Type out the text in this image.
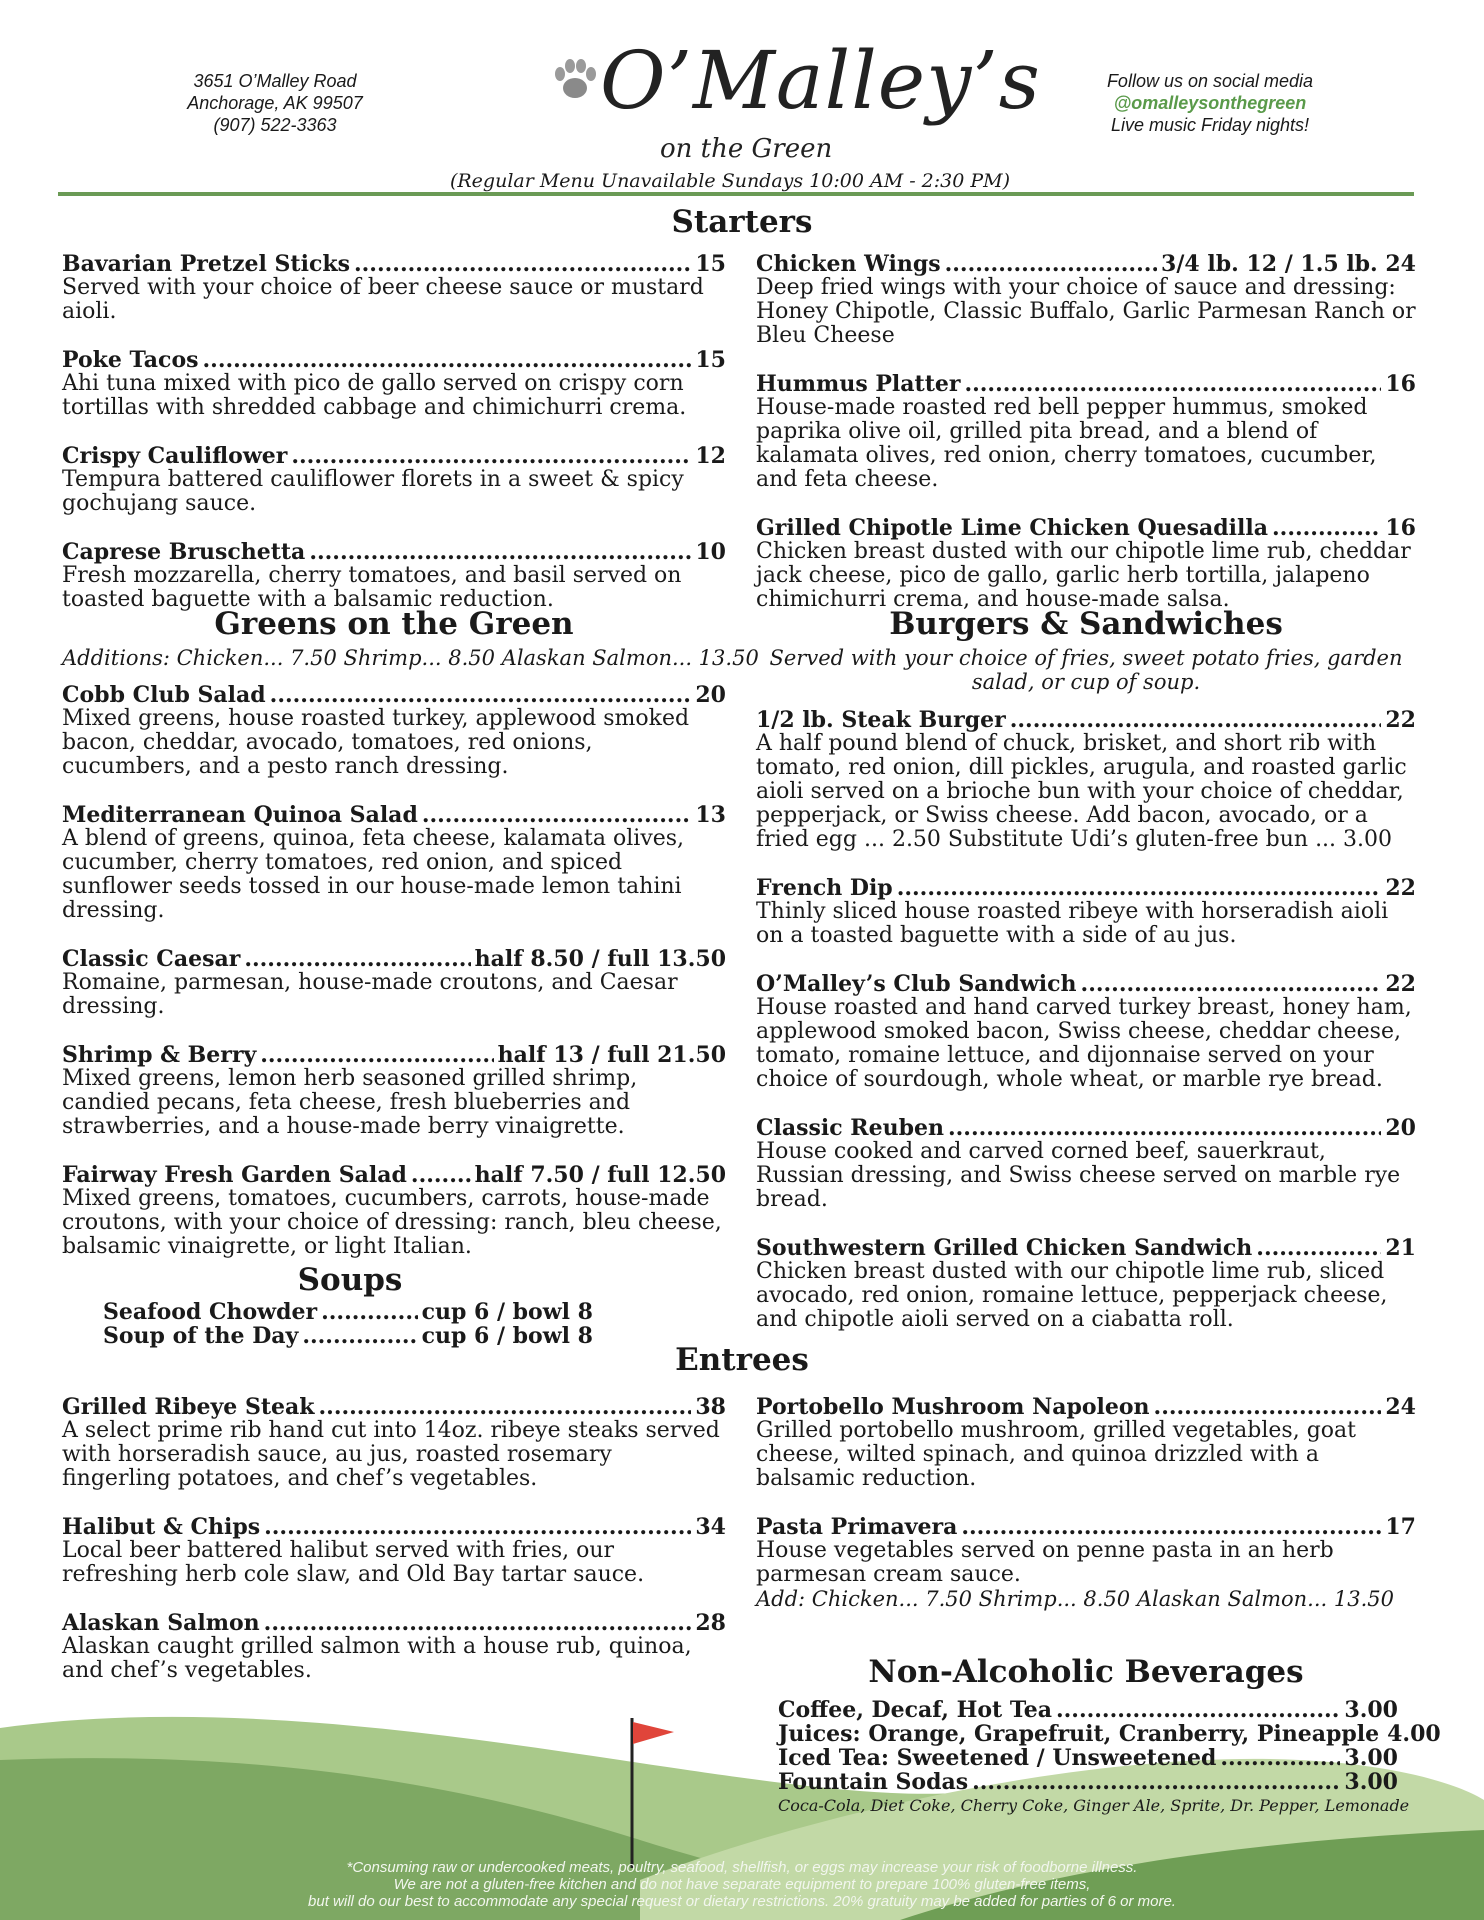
3651 O’Malley Road
Anchorage, AK 99507
(907) 522-3363	O’Malley’s
on the Green
Follow us on social media
@omalleysonthegreen
Live music Friday nights!
(Regular Menu Unavailable Sundays 10:00 AM - 2:30 PM)
Starters
Bavarian Pretzel Sticks .....	15
Served with your choice of beer cheese sauce or mustard aioli.
Poke Tacos .....	15
Ahi tuna mixed with pico de gallo served on crispy corn tortillas with shredded cabbage and chimichurri crema.
Crispy Cauliflower .....	12
Tempura battered cauliflower florets in a sweet & spicy gochujang sauce.
Caprese Bruschetta .....	10
Fresh mozzarella, cherry tomatoes, and basil served on toasted baguette with a balsamic reduction.
Chicken Wings .....	3/4 lb. 12 / 1.5 lb. 24
Deep fried wings with your choice of sauce and dressing: Honey Chipotle, Classic Buffalo, Garlic Parmesan Ranch or Bleu Cheese
Hummus Platter .....	16
House-made roasted red bell pepper hummus, smoked paprika olive oil, grilled pita bread, and a blend of kalamata olives, red onion, cherry tomatoes, cucumber, and feta cheese.
Grilled Chipotle Lime Chicken Quesadilla .....	16
Chicken breast dusted with our chipotle lime rub, cheddar jack cheese, pico de gallo, garlic herb tortilla, jalapeno chimichurri crema, and house-made salsa.
Greens on the Green
Additions: Chicken... 7.50 Shrimp... 8.50 Alaskan Salmon... 13.50
Cobb Club Salad .....	20
Mixed greens, house roasted turkey, applewood smoked bacon, cheddar, avocado, tomatoes, red onions, cucumbers, and a pesto ranch dressing.
Mediterranean Quinoa Salad .....	13
A blend of greens, quinoa, feta cheese, kalamata olives, cucumber, cherry tomatoes, red onion, and spiced sunflower seeds tossed in our house-made lemon tahini dressing.
Classic Caesar .....	half 8.50 / full 13.50
Romaine, parmesan, house-made croutons, and Caesar dressing.
Shrimp & Berry .....	half 13 / full 21.50
Mixed greens, lemon herb seasoned grilled shrimp, candied pecans, feta cheese, fresh blueberries and strawberries, and a house-made berry vinaigrette.
Fairway Fresh Garden Salad .....	half 7.50 / full 12.50
Mixed greens, tomatoes, cucumbers, carrots, house-made croutons, with your choice of dressing: ranch, bleu cheese, balsamic vinaigrette, or light Italian.
Soups
Seafood Chowder .....	cup 6 / bowl 8
Soup of the Day .....	cup 6 / bowl 8
Burgers & Sandwiches
Served with your choice of fries, sweet potato fries, garden salad, or cup of soup.
1/2 lb. Steak Burger .....	22
A half pound blend of chuck, brisket, and short rib with tomato, red onion, dill pickles, arugula, and roasted garlic aioli served on a brioche bun with your choice of cheddar, pepperjack, or Swiss cheese. Add bacon, avocado, or a fried egg ... 2.50 Substitute Udi’s gluten-free bun ... 3.00
French Dip .....	22
Thinly sliced house roasted ribeye with horseradish aioli on a toasted baguette with a side of au jus.
O’Malley’s Club Sandwich .....	22
House roasted and hand carved turkey breast, honey ham, applewood smoked bacon, Swiss cheese, cheddar cheese, tomato, romaine lettuce, and dijonnaise served on your choice of sourdough, whole wheat, or marble rye bread.
Classic Reuben .....	20
House cooked and carved corned beef, sauerkraut, Russian dressing, and Swiss cheese served on marble rye bread.
Southwestern Grilled Chicken Sandwich .....	21
Chicken breast dusted with our chipotle lime rub, sliced avocado, red onion, romaine lettuce, pepperjack cheese, and chipotle aioli served on a ciabatta roll.
Entrees
Grilled Ribeye Steak .....	38
A select prime rib hand cut into 14oz. ribeye steaks served with horseradish sauce, au jus, roasted rosemary fingerling potatoes, and chef’s vegetables.
Halibut & Chips .....	34
Local beer battered halibut served with fries, our refreshing herb cole slaw, and Old Bay tartar sauce.
Alaskan Salmon .....	28
Alaskan caught grilled salmon with a house rub, quinoa, and chef’s vegetables.
Portobello Mushroom Napoleon .....	24
Grilled portobello mushroom, grilled vegetables, goat cheese, wilted spinach, and quinoa drizzled with a balsamic reduction.
Pasta Primavera .....	17
House vegetables served on penne pasta in an herb parmesan cream sauce.
Add: Chicken... 7.50 Shrimp... 8.50 Alaskan Salmon... 13.50
Non-Alcoholic Beverages
Coffee, Decaf, Hot Tea .....	3.00
Juices: Orange, Grapefruit, Cranberry, Pineapple 4.00
Iced Tea: Sweetened / Unsweetened .....	3.00
Fountain Sodas .....	3.00
Coca-Cola, Diet Coke, Cherry Coke, Ginger Ale, Sprite, Dr. Pepper, Lemonade
*Consuming raw or undercooked meats, poultry, seafood, shellfish, or eggs may increase your risk of foodborne illness.
We are not a gluten-free kitchen and do not have separate equipment to prepare 100% gluten-free items,
but will do our best to accommodate any special request or dietary restrictions. 20% gratuity may be added for parties of 6 or more.
